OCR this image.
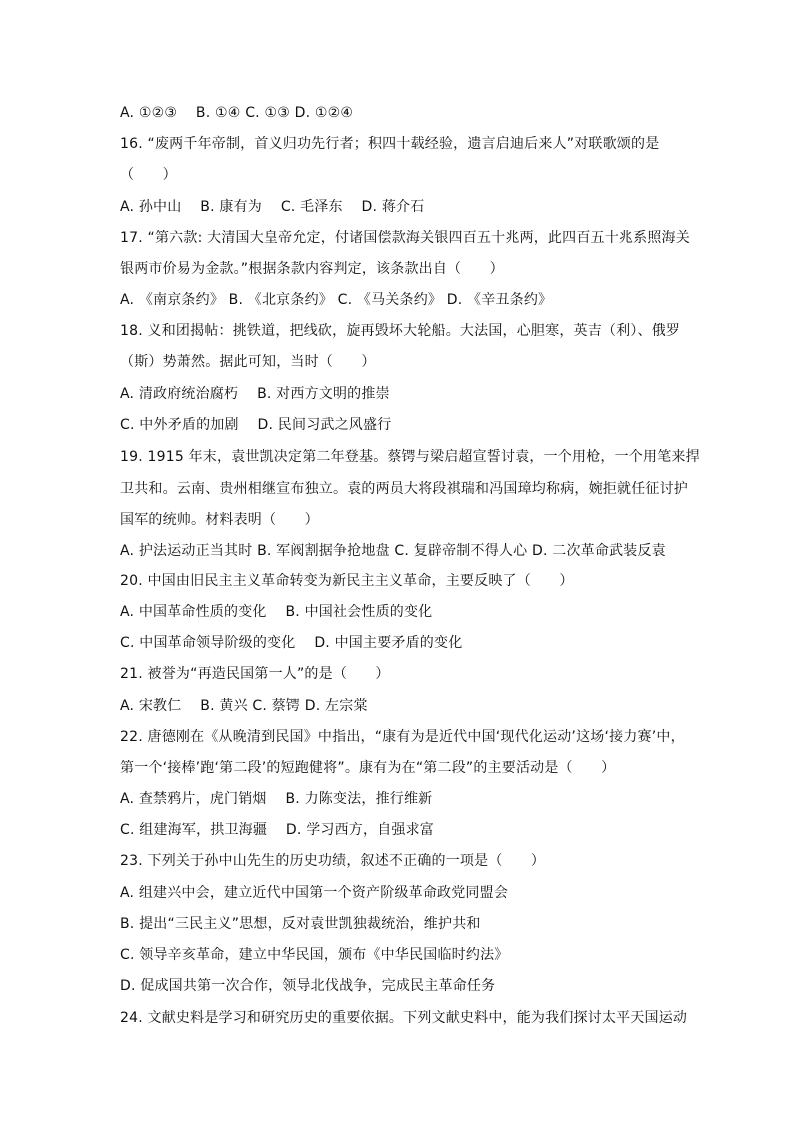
A. ①②③　 B. ①④ C. ①③ D. ①②④
16. “废两千年帝制，首义归功先行者；积四十载经验，遗言启迪后来人”对联歌颂的是
（　　）
A. 孙中山　 B. 康有为　 C. 毛泽东　 D. 蒋介石
17. “第六款: 大清国大皇帝允定，付诸国偿款海关银四百五十兆两，此四百五十兆系照海关
银两市价易为金款。”根据条款内容判定，该条款出自（　　）
A. 《南京条约》 B. 《北京条约》 C. 《马关条约》 D. 《辛丑条约》
18. 义和团揭帖：挑铁道，把线砍，旋再毁坏大轮船。大法国，心胆寒，英吉（利）、俄罗
（斯）势萧然。据此可知，当时（　　）
A. 清政府统治腐朽　 B. 对西方文明的推崇
C. 中外矛盾的加剧　 D. 民间习武之风盛行
19. 1915 年末，袁世凯决定第二年登基。蔡锷与梁启超宣誓讨袁，一个用枪，一个用笔来捍
卫共和。云南、贵州相继宣布独立。袁的两员大将段祺瑞和冯国璋均称病，婉拒就任征讨护
国军的统帅。材料表明（　　）
A. 护法运动正当其时 B. 军阀割据争抢地盘 C. 复辟帝制不得人心 D. 二次革命武装反袁
20. 中国由旧民主主义革命转变为新民主主义革命，主要反映了（　　）
A. 中国革命性质的变化　 B. 中国社会性质的变化
C. 中国革命领导阶级的变化　 D. 中国主要矛盾的变化
21. 被誉为“再造民国第一人”的是（　　）
A. 宋教仁　 B. 黄兴 C. 蔡锷 D. 左宗棠
22. 唐德刚在《从晚清到民国》中指出，“康有为是近代中国‘现代化运动’这场‘接力赛’中，
第一个‘接棒’跑‘第二段’的短跑健将”。康有为在“第二段”的主要活动是（　　）
A. 查禁鸦片，虎门销烟　 B. 力陈变法，推行维新
C. 组建海军，拱卫海疆　 D. 学习西方，自强求富
23. 下列关于孙中山先生的历史功绩，叙述不正确的一项是（　　）
A. 组建兴中会，建立近代中国第一个资产阶级革命政党同盟会
B. 提出“三民主义”思想，反对袁世凯独裁统治，维护共和
C. 领导辛亥革命，建立中华民国，颁布《中华民国临时约法》
D. 促成国共第一次合作，领导北伐战争，完成民主革命任务
24. 文献史料是学习和研究历史的重要依据。下列文献史料中，能为我们探讨太平天国运动
